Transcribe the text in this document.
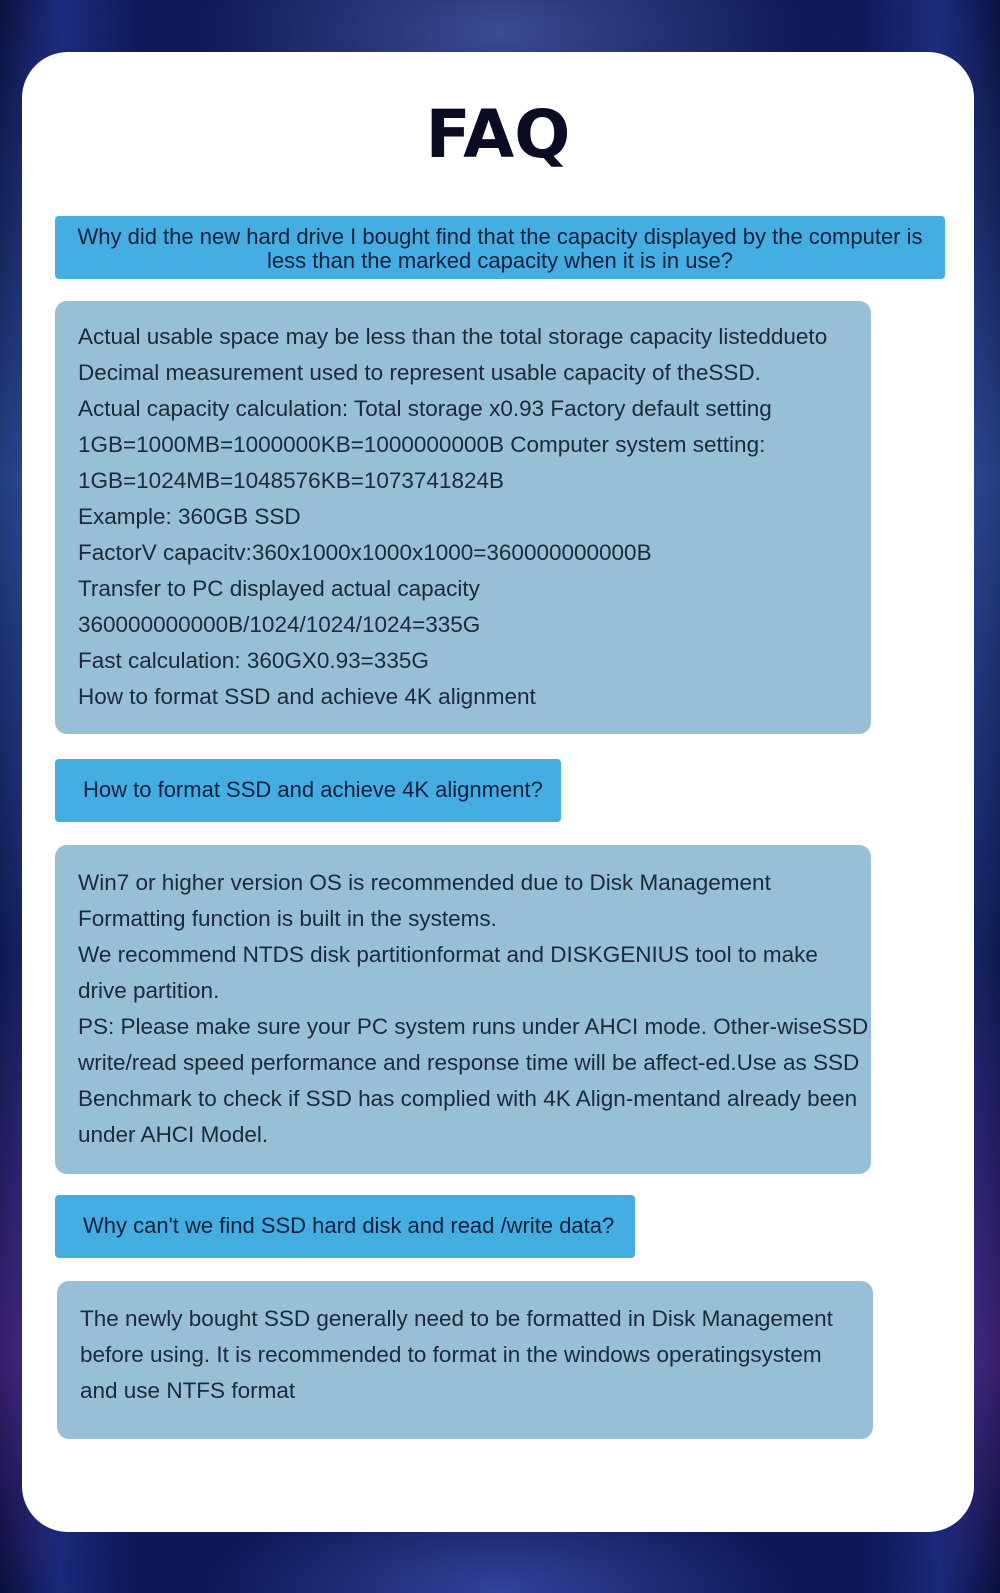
FAQ
Why did the new hard drive I bought find that the capacity displayed by the computer is less than the marked capacity when it is in use?

Actual usable space may be less than the total storage capacity listeddueto

Decimal measurement used to represent usable capacity of theSSD.

Actual capacity calculation: Total storage x0.93 Factory default setting

1GB=1000MB=1000000KB=1000000000B Computer system setting:

1GB=1024MB=1048576KB=1073741824B

Example: 360GB SSD

FactorV capacitv:360x1000x1000x1000=360000000000B

Transfer to PC displayed actual capacity

360000000000B/1024/1024/1024=335G

Fast calculation: 360GX0.93=335G

How to format SSD and achieve 4K alignment

How to format SSD and achieve 4K alignment?

Win7 or higher version OS is recommended due to Disk Management

Formatting function is built in the systems.

We recommend NTDS disk partitionformat and DISKGENIUS tool to make

drive partition.

PS: Please make sure your PC system runs under AHCI mode. Other-wiseSSD

write/read speed performance and response time will be affect-ed.Use as SSD

Benchmark to check if SSD has complied with 4K Align-mentand already been

under AHCI Model.

Why can't we find SSD hard disk and read /write data?

The newly bought SSD generally need to be formatted in Disk Management

before using. It is recommended to format in the windows operatingsystem

and use NTFS format
